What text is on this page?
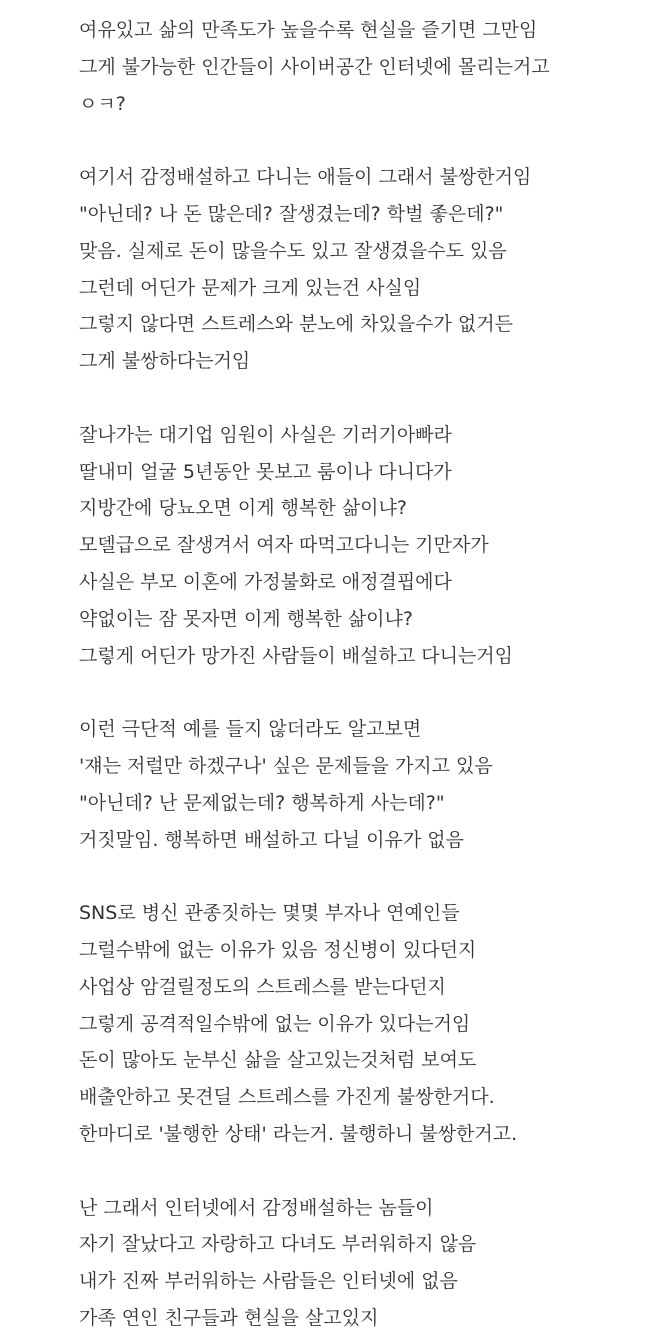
여유있고 삶의 만족도가 높을수록 현실을 즐기면 그만임
그게 불가능한 인간들이 사이버공간 인터넷에 몰리는거고
ㅇㅋ?
여기서 감정배설하고 다니는 애들이 그래서 불쌍한거임
"아닌데? 나 돈 많은데? 잘생겼는데? 학벌 좋은데?"
맞음. 실제로 돈이 많을수도 있고 잘생겼을수도 있음
그런데 어딘가 문제가 크게 있는건 사실임
그렇지 않다면 스트레스와 분노에 차있을수가 없거든
그게 불쌍하다는거임
잘나가는 대기업 임원이 사실은 기러기아빠라
딸내미 얼굴 5년동안 못보고 룸이나 다니다가
지방간에 당뇨오면 이게 행복한 삶이냐?
모델급으로 잘생겨서 여자 따먹고다니는 기만자가
사실은 부모 이혼에 가정불화로 애정결핍에다
약없이는 잠 못자면 이게 행복한 삶이냐?
그렇게 어딘가 망가진 사람들이 배설하고 다니는거임
이런 극단적 예를 들지 않더라도 알고보면
'쟤는 저럴만 하겠구나' 싶은 문제들을 가지고 있음
"아닌데? 난 문제없는데? 행복하게 사는데?"
거짓말임. 행복하면 배설하고 다닐 이유가 없음
SNS로 병신 관종짓하는 몇몇 부자나 연예인들
그럴수밖에 없는 이유가 있음 정신병이 있다던지
사업상 암걸릴정도의 스트레스를 받는다던지
그렇게 공격적일수밖에 없는 이유가 있다는거임
돈이 많아도 눈부신 삶을 살고있는것처럼 보여도
배출안하고 못견딜 스트레스를 가진게 불쌍한거다.
한마디로 '불행한 상태' 라는거. 불행하니 불쌍한거고.
난 그래서 인터넷에서 감정배설하는 놈들이
자기 잘났다고 자랑하고 다녀도 부러워하지 않음
내가 진짜 부러워하는 사람들은 인터넷에 없음
가족 연인 친구들과 현실을 살고있지
